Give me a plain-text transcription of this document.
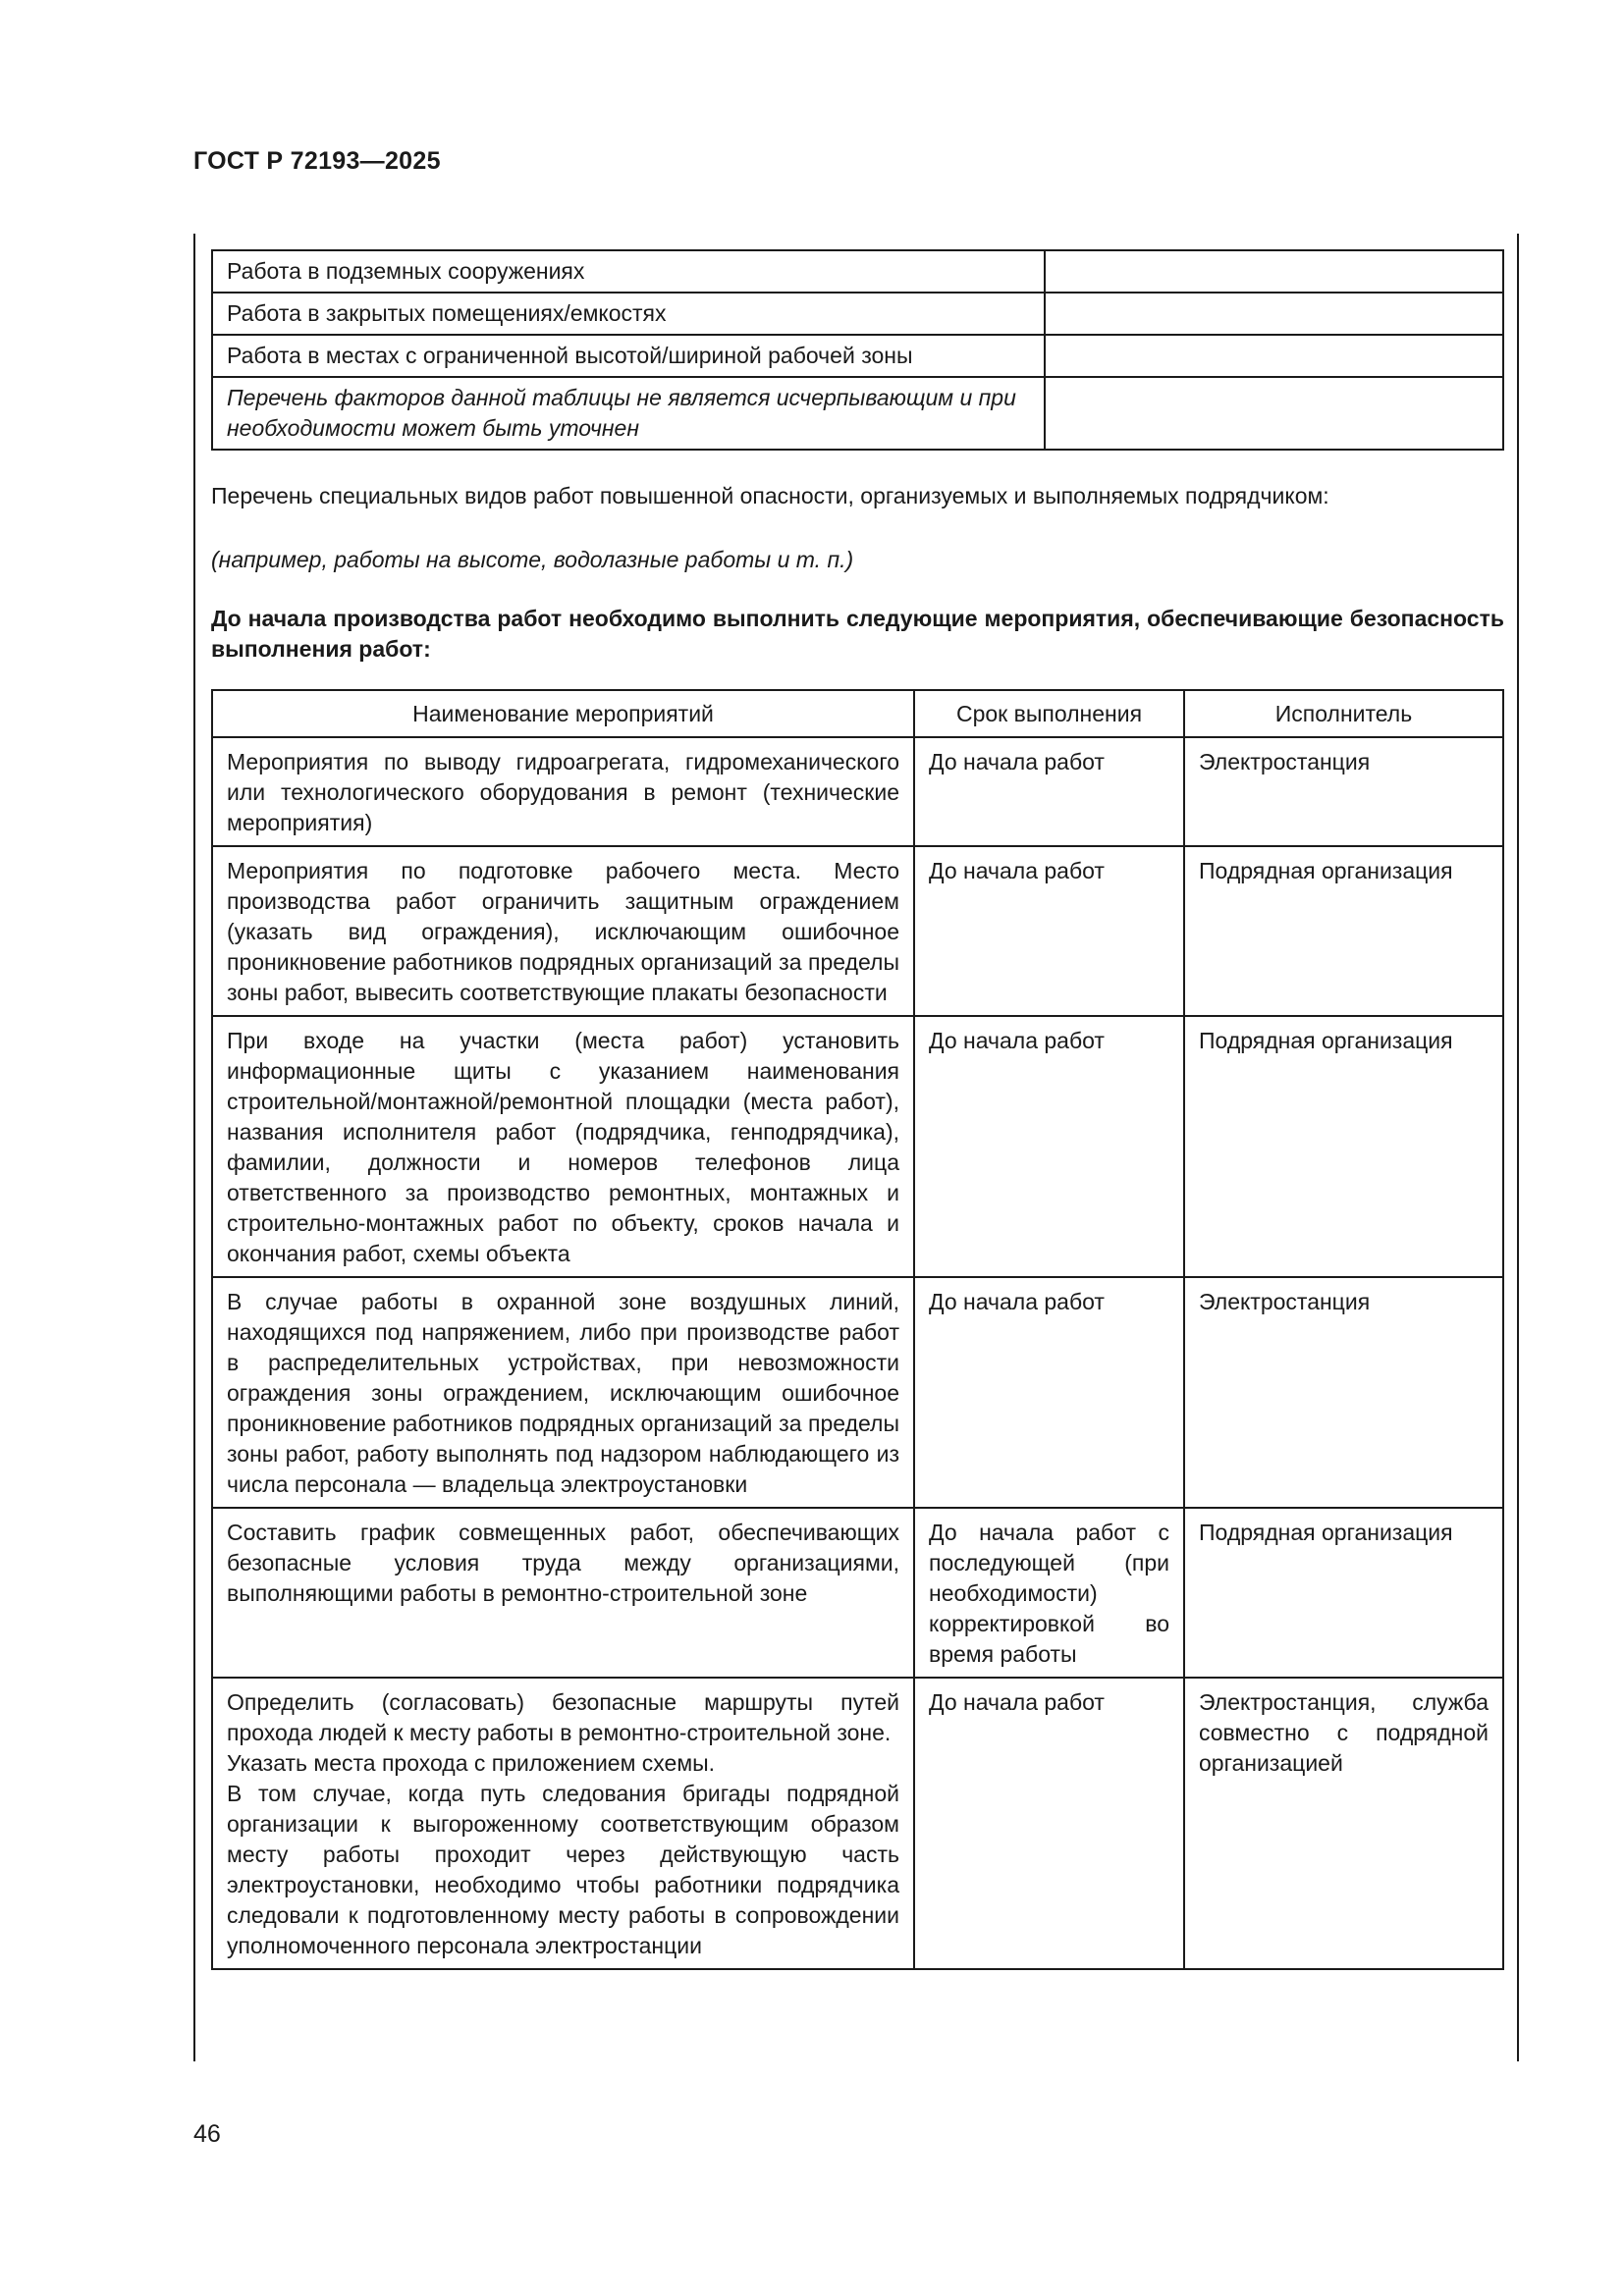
ГОСТ Р 72193—2025
Работа в подземных сооружениях	
Работа в закрытых помещениях/емкостях	
Работа в местах с ограниченной высотой/шириной рабочей зоны	
Перечень факторов данной таблицы не является исчерпывающим и при необходимости может быть уточнен	
Перечень специальных видов работ повышенной опасности, организуемых и выполняемых подрядчиком:
(например, работы на высоте, водолазные работы и т. п.)
До начала производства работ необходимо выполнить следующие мероприятия, обеспечивающие безопасность выполнения работ:
Наименование мероприятий	Срок выполнения	Исполнитель
Мероприятия по выводу гидроагрегата, гидромеханического или технологического оборудования в ремонт (технические мероприятия)	До начала работ	Электростанция
Мероприятия по подготовке рабочего места. Место производства работ ограничить защитным ограждением (указать вид ограждения), исключающим ошибочное проникновение работников подрядных организаций за пределы зоны работ, вывесить соответствующие плакаты безопасности	До начала работ	Подрядная организация
При входе на участки (места работ) установить информационные щиты с указанием наименования строительной/монтажной/ремонтной площадки (места работ), названия исполнителя работ (подрядчика, генподрядчика), фамилии, должности и номеров телефонов лица ответственного за производство ремонтных, монтажных и строительно-монтажных работ по объекту, сроков начала и окончания работ, схемы объекта	До начала работ	Подрядная организация
В случае работы в охранной зоне воздушных линий, находящихся под напряжением, либо при производстве работ в распределительных устройствах, при невозможности ограждения зоны ограждением, исключающим ошибочное проникновение работников подрядных организаций за пределы зоны работ, работу выполнять под надзором наблюдающего из числа персонала — владельца электроустановки	До начала работ	Электростанция
Составить график совмещенных работ, обеспечивающих безопасные условия труда между организациями, выполняющими работы в ремонтно-строительной зоне	До начала работ с последующей (при необходимости) корректировкой во время работы	Подрядная организация

Определить (согласовать) безопасные маршруты путей прохода людей к месту работы в ремонтно-строительной зоне.
Указать места прохода с приложением схемы.
В том случае, когда путь следования бригады подрядной организации к выгороженному соответствующим образом месту работы проходит через действующую часть электроустановки, необходимо чтобы работники подрядчика следовали к подготовленному месту работы в сопровождении уполномоченного персонала электростанции	До начала работ	Электростанция, служба совместно с подрядной организацией
46
